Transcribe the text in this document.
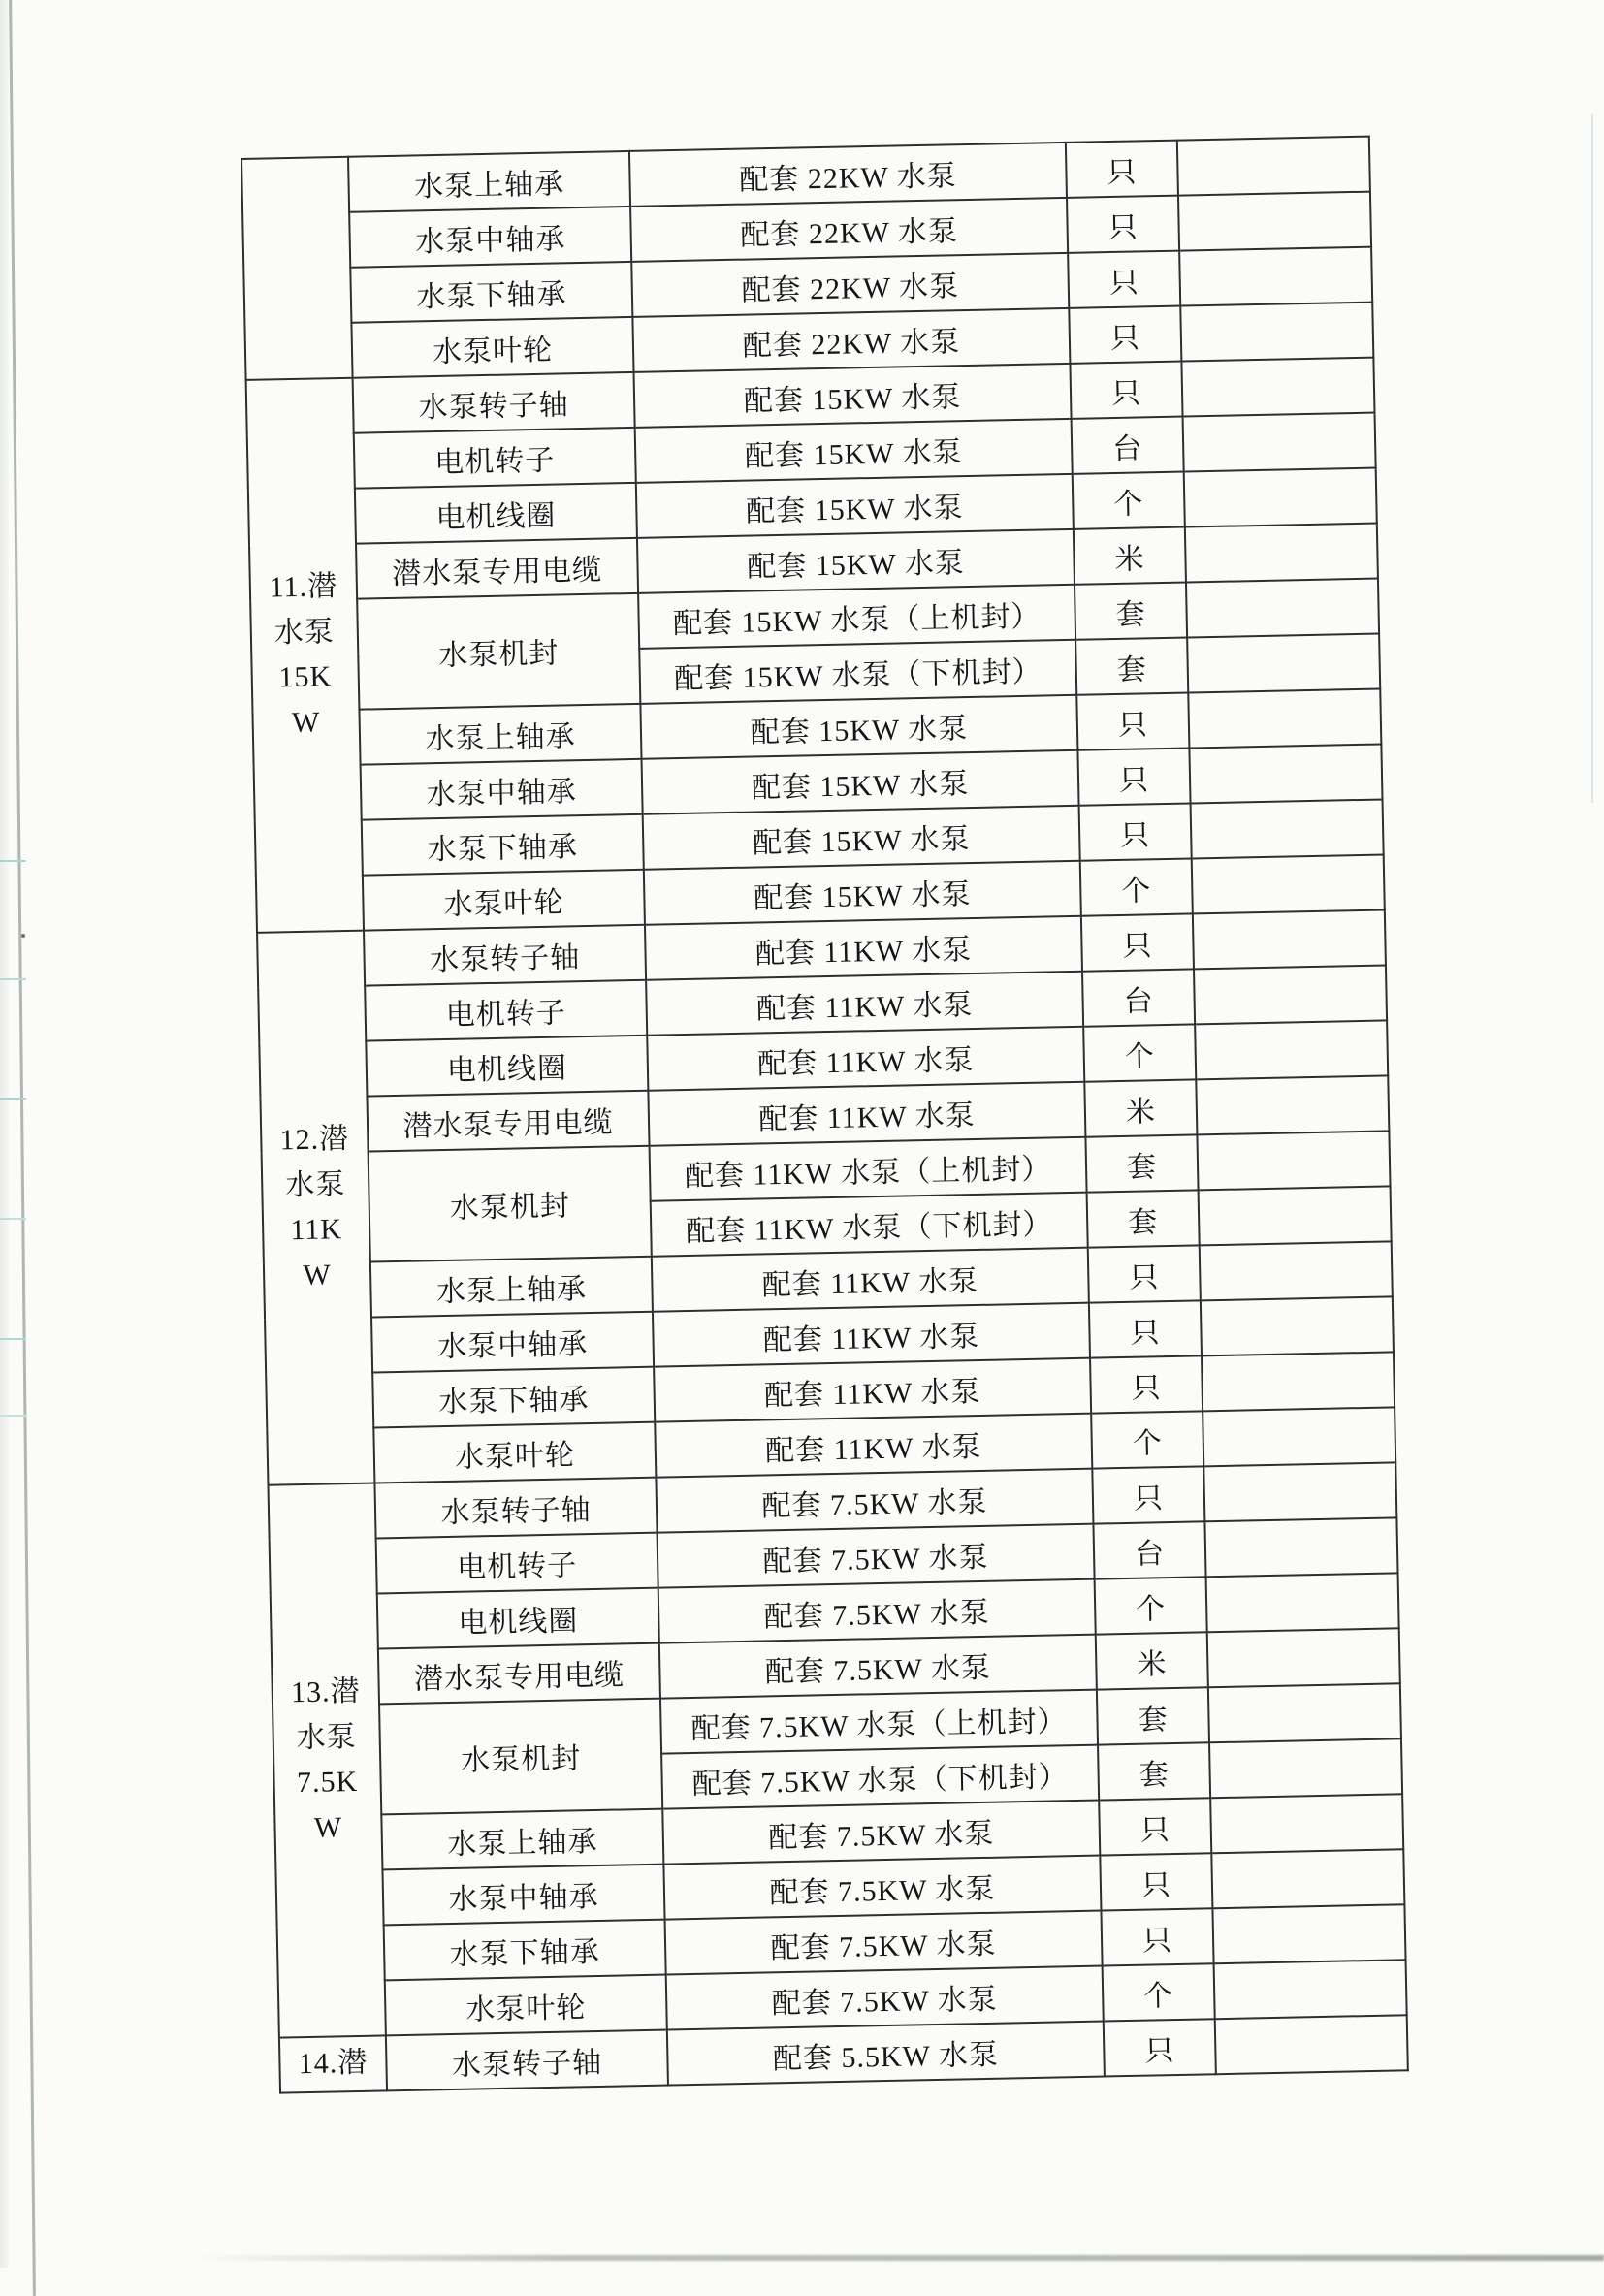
	水泵上轴承	配套 22KW 水泵	只	
	水泵中轴承	配套 22KW 水泵	只	
	水泵下轴承	配套 22KW 水泵	只	
	水泵叶轮	配套 22KW 水泵	只	
11.潜
水泵
15K
W	水泵转子轴	配套 15KW 水泵	只	
	电机转子	配套 15KW 水泵	台	
	电机线圈	配套 15KW 水泵	个	
	潜水泵专用电缆	配套 15KW 水泵	米	
	水泵机封	配套 15KW 水泵（上机封）	套	
		配套 15KW 水泵（下机封）	套	
	水泵上轴承	配套 15KW 水泵	只	
	水泵中轴承	配套 15KW 水泵	只	
	水泵下轴承	配套 15KW 水泵	只	
	水泵叶轮	配套 15KW 水泵	个	
12.潜
水泵
11K
W	水泵转子轴	配套 11KW 水泵	只	
	电机转子	配套 11KW 水泵	台	
	电机线圈	配套 11KW 水泵	个	
	潜水泵专用电缆	配套 11KW 水泵	米	
	水泵机封	配套 11KW 水泵（上机封）	套	
		配套 11KW 水泵（下机封）	套	
	水泵上轴承	配套 11KW 水泵	只	
	水泵中轴承	配套 11KW 水泵	只	
	水泵下轴承	配套 11KW 水泵	只	
	水泵叶轮	配套 11KW 水泵	个	
13.潜
水泵
7.5K
W	水泵转子轴	配套 7.5KW 水泵	只	
	电机转子	配套 7.5KW 水泵	台	
	电机线圈	配套 7.5KW 水泵	个	
	潜水泵专用电缆	配套 7.5KW 水泵	米	
	水泵机封	配套 7.5KW 水泵（上机封）	套	
		配套 7.5KW 水泵（下机封）	套	
	水泵上轴承	配套 7.5KW 水泵	只	
	水泵中轴承	配套 7.5KW 水泵	只	
	水泵下轴承	配套 7.5KW 水泵	只	
	水泵叶轮	配套 7.5KW 水泵	个	
14.潜	水泵转子轴	配套 5.5KW 水泵	只	
